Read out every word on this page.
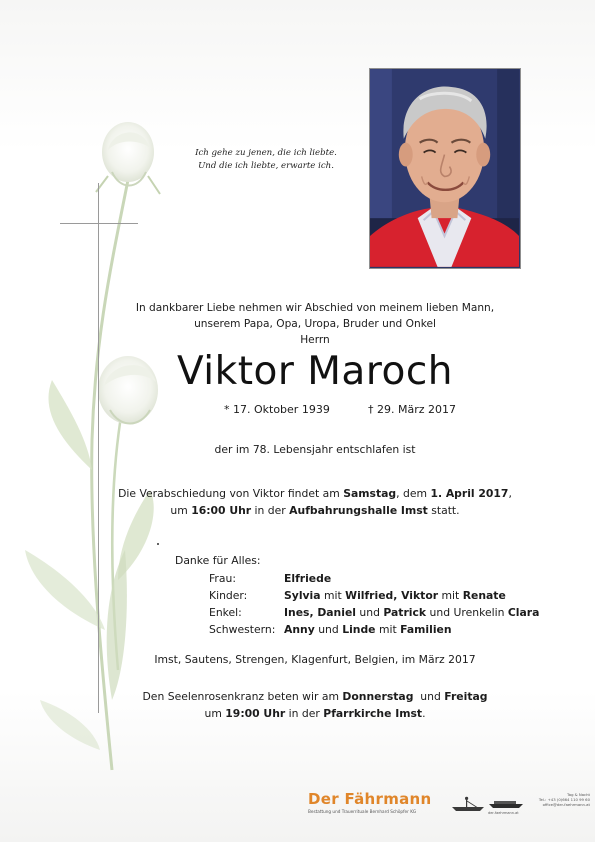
Ich gehe zu jenen, die ich liebte.
Und die ich liebte, erwarte ich.
In dankbarer Liebe nehmen wir Abschied von meinem lieben Mann,
unserem Papa, Opa, Uropa, Bruder und Onkel
Herrn
Viktor Maroch
* 17. Oktober 1939	† 29. März 2017
der im 78. Lebensjahr entschlafen ist
Die Verabschiedung von Viktor findet am Samstag, dem 1. April 2017,
um 16:00 Uhr in der Aufbahrungshalle Imst statt.
Danke für Alles:
Frau:	Elfriede
Kinder:	Sylvia mit Wilfried, Viktor mit Renate
Enkel:	Ines, Daniel und Patrick und Urenkelin Clara
Schwestern: Anny und Linde mit Familien
Imst, Sautens, Strengen, Klagenfurt, Belgien, im März 2017
Den Seelenrosenkranz beten wir am Donnerstag  und Freitag
um 19:00 Uhr in der Pfarrkirche Imst.
Der Fährmann
Bestattung und Trauerrituale Bernhard Schöpfer KG	der-faehrmann.at
Tag & Nacht
Tel.: +43 (0)664 110 99 60
office@der-faehrmann.at
